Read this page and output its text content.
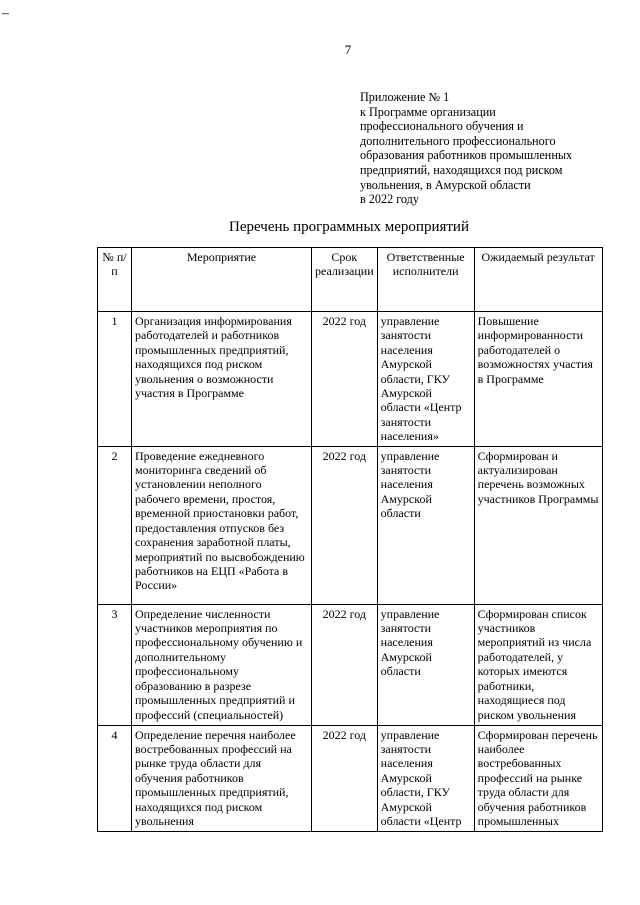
–
7
Приложение № 1
к Программе организации
профессионального обучения и
дополнительного профессионального
образования работников промышленных
предприятий, находящихся под риском
увольнения, в Амурской области
в 2022 году
Перечень программных мероприятий
№ п/п	Мероприятие	Срок реализации	Ответственные исполнители	Ожидаемый результат
1	Организация информирования работодателей и работников промышленных предприятий, находящихся под риском увольнения о возможности участия в Программе	2022 год	управление занятости населения Амурской области, ГКУ Амурской области «Центр занятости населения»	Повышение информированности работодателей о возможностях участия в Программе
2	Проведение ежедневного мониторинга сведений об установлении неполного рабочего времени, простоя, временной приостановки работ, предоставления отпусков без сохранения заработной платы, мероприятий по высвобождению работников на ЕЦП «Работа в России»	2022 год	управление занятости населения Амурской области	Сформирован и актуализирован перечень возможных участников Программы
3	Определение численности участников мероприятия по профессиональному обучению и дополнительному профессиональному образованию в разрезе промышленных предприятий и профессий (специальностей)	2022 год	управление занятости населения Амурской области	Сформирован список участников мероприятий из числа работодателей, у которых имеются работники, находящиеся под риском увольнения
4	Определение перечня наиболее востребованных профессий на рынке труда области для обучения работников промышленных предприятий, находящихся под риском увольнения	2022 год	управление занятости населения Амурской области, ГКУ Амурской области «Центр	Сформирован перечень наиболее востребованных профессий на рынке труда области для обучения работников промышленных
